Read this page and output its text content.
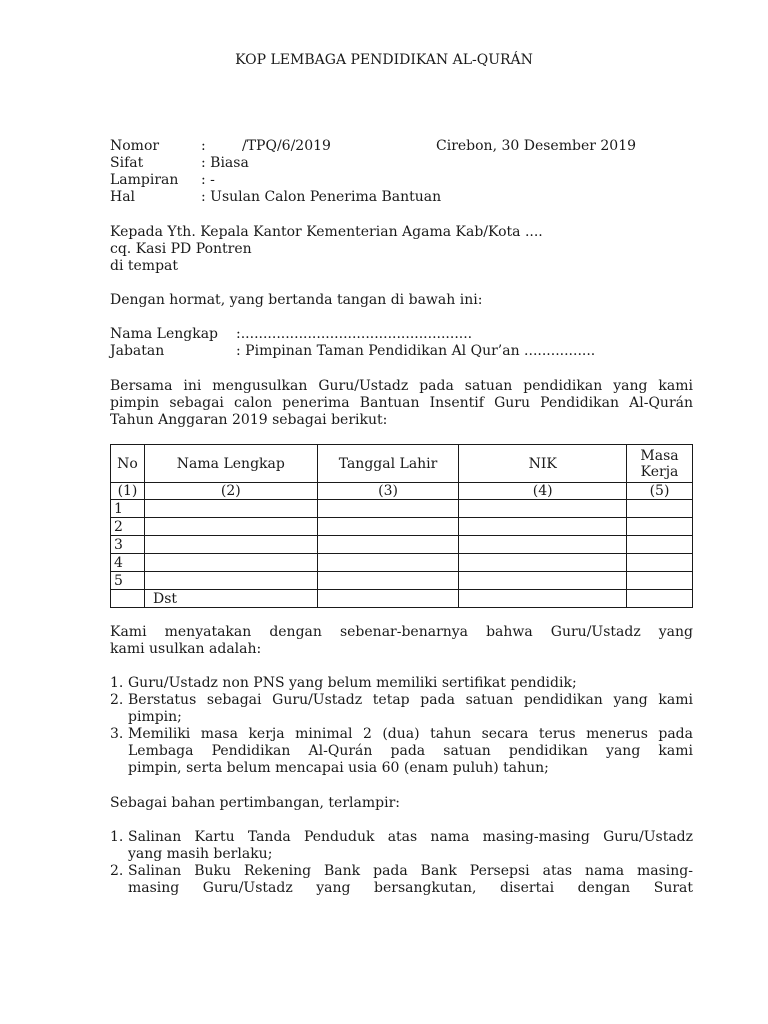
KOP LEMBAGA PENDIDIKAN AL-QURÁN
Nomor	:	/TPQ/6/2019	Cirebon, 30 Desember 2019
Sifat	: Biasa
Lampiran : -
Hal	: Usulan Calon Penerima Bantuan
Kepada Yth. Kepala Kantor Kementerian Agama Kab/Kota ....
cq. Kasi PD Pontren
di tempat
Dengan hormat, yang bertanda tangan di bawah ini:
Nama Lengkap :....................................................
Jabatan	: Pimpinan Taman Pendidikan Al Qur’an ................
Bersama ini mengusulkan Guru/Ustadz pada satuan pendidikan yang kami
pimpin sebagai calon penerima Bantuan Insentif Guru Pendidikan Al-Qurán
Tahun Anggaran 2019 sebagai berikut:
No	Nama Lengkap	Tanggal Lahir	NIK	Masa Kerja
(1)	(2)	(3)	(4)	(5)
1				
2				
3				
4				
5				
	Dst			
Kami menyatakan dengan sebenar-benarnya bahwa Guru/Ustadz yang
kami usulkan adalah:
1. Guru/Ustadz non PNS yang belum memiliki sertifikat pendidik;
2. Berstatus sebagai Guru/Ustadz tetap pada satuan pendidikan yang kami
pimpin;
3. Memiliki masa kerja minimal 2 (dua) tahun secara terus menerus pada
Lembaga Pendidikan Al-Qurán pada satuan pendidikan yang kami
pimpin, serta belum mencapai usia 60 (enam puluh) tahun;
Sebagai bahan pertimbangan, terlampir:
1. Salinan Kartu Tanda Penduduk atas nama masing-masing Guru/Ustadz
yang masih berlaku;
2. Salinan Buku Rekening Bank pada Bank Persepsi atas nama masing-
masing Guru/Ustadz yang bersangkutan, disertai dengan Surat
